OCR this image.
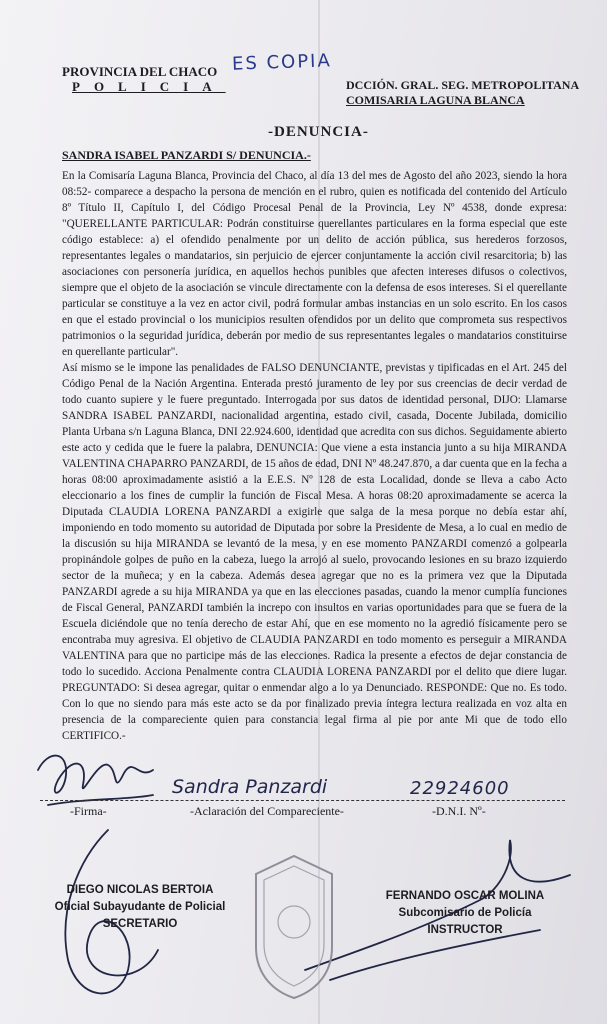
PROVINCIA DEL CHACO
POLICIA
ES COPIA
DCCIÓN. GRAL. SEG. METROPOLITANA
COMISARIA LAGUNA BLANCA
-DENUNCIA-
SANDRA ISABEL PANZARDI S/ DENUNCIA.-

En la Comisaría Laguna Blanca, Provincia del Chaco, al día 13 del mes de Agosto del año 2023, siendo la hora 08:52- comparece a despacho la persona de mención en el rubro, quien es notificada del contenido del Artículo 8º Título II, Capítulo I, del Código Procesal Penal de la Provincia, Ley Nº 4538, donde expresa: "QUERELLANTE PARTICULAR: Podrán constituirse querellantes particulares en la forma especial que este código establece: a) el ofendido penalmente por un delito de acción pública, sus herederos forzosos, representantes legales o mandatarios, sin perjuicio de ejercer conjuntamente la acción civil resarcitoria; b) las asociaciones con personería jurídica, en aquellos hechos punibles que afecten intereses difusos o colectivos, siempre que el objeto de la asociación se vincule directamente con la defensa de esos intereses. Si el querellante particular se constituye a la vez en actor civil, podrá formular ambas instancias en un solo escrito. En los casos en que el estado provincial o los municipios resulten ofendidos por un delito que comprometa sus respectivos patrimonios o la seguridad jurídica, deberán por medio de sus representantes legales o mandatarios constituirse en querellante particular".

Así mismo se le impone las penalidades de FALSO DENUNCIANTE, previstas y tipificadas en el Art. 245 del Código Penal de la Nación Argentina. Enterada prestó juramento de ley por sus creencias de decir verdad de todo cuanto supiere y le fuere preguntado. Interrogada por sus datos de identidad personal, DIJO: Llamarse SANDRA ISABEL PANZARDI, nacionalidad argentina, estado civil, casada, Docente Jubilada, domicilio Planta Urbana s/n Laguna Blanca, DNI 22.924.600, identidad que acredita con sus dichos. Seguidamente abierto este acto y cedida que le fuere la palabra, DENUNCIA: Que viene a esta instancia junto a su hija MIRANDA VALENTINA CHAPARRO PANZARDI, de 15 años de edad, DNI Nº 48.247.870, a dar cuenta que en la fecha a horas 08:00 aproximadamente asistió a la E.E.S. Nº 128 de esta Localidad, donde se lleva a cabo Acto eleccionario a los fines de cumplir la función de Fiscal Mesa. A horas 08:20 aproximadamente se acerca la Diputada CLAUDIA LORENA PANZARDI a exigirle que salga de la mesa porque no debía estar ahí, imponiendo en todo momento su autoridad de Diputada por sobre la Presidente de Mesa, a lo cual en medio de la discusión su hija MIRANDA se levantó de la mesa, y en ese momento PANZARDI comenzó a golpearla propinándole golpes de puño en la cabeza, luego la arrojó al suelo, provocando lesiones en su brazo izquierdo sector de la muñeca; y en la cabeza. Además desea agregar que no es la primera vez que la Diputada PANZARDI agrede a su hija MIRANDA ya que en las elecciones pasadas, cuando la menor cumplía funciones de Fiscal General, PANZARDI también la increpo con insultos en varias oportunidades para que se fuera de la Escuela diciéndole que no tenía derecho de estar Ahí, que en ese momento no la agredió físicamente pero se encontraba muy agresiva. El objetivo de CLAUDIA PANZARDI en todo momento es perseguir a MIRANDA VALENTINA para que no participe más de las elecciones. Radica la presente a efectos de dejar constancia de todo lo sucedido. Acciona Penalmente contra CLAUDIA LORENA PANZARDI por el delito que diere lugar. PREGUNTADO: Si desea agregar, quitar o enmendar algo a lo ya Denunciado. RESPONDE: Que no. Es todo. Con lo que no siendo para más este acto se da por finalizado previa íntegra lectura realizada en voz alta en presencia de la compareciente quien para constancia legal firma al pie por ante Mi que de todo ello CERTIFICO.-

Sandra Panzardi	22924600
-Firma-	-Aclaración del Compareciente-	-D.N.I. Nº-
DIEGO NICOLAS BERTOIA
Oficial Subayudante de Policial
SECRETARIO
FERNANDO OSCAR MOLINA
Subcomisario de Policía
INSTRUCTOR
